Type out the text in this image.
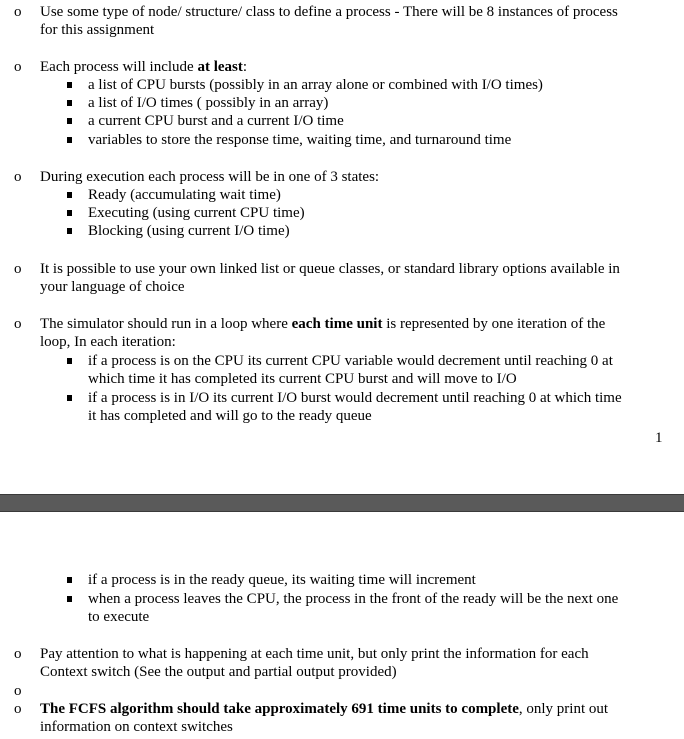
o Use some type of node/ structure/ class to define a process - There will be 8 instances of process
for this assignment
o Each process will include at least:
a list of CPU bursts (possibly in an array alone or combined with I/O times)
a list of I/O times ( possibly in an array)
a current CPU burst and a current I/O time
variables to store the response time, waiting time, and turnaround time
o During execution each process will be in one of 3 states:
Ready (accumulating wait time)
Executing (using current CPU time)
Blocking (using current I/O time)
o It is possible to use your own linked list or queue classes, or standard library options available in
your language of choice
o The simulator should run in a loop where each time unit is represented by one iteration of the
loop, In each iteration:
if a process is on the CPU its current CPU variable would decrement until reaching 0 at
which time it has completed its current CPU burst and will move to I/O
if a process is in I/O its current I/O burst would decrement until reaching 0 at which time
it has completed and will go to the ready queue
1
if a process is in the ready queue, its waiting time will increment
when a process leaves the CPU, the process in the front of the ready will be the next one
to execute
o Pay attention to what is happening at each time unit, but only print the information for each
Context switch (See the output and partial output provided)
o
o The FCFS algorithm should take approximately 691 time units to complete, only print out
information on context switches
